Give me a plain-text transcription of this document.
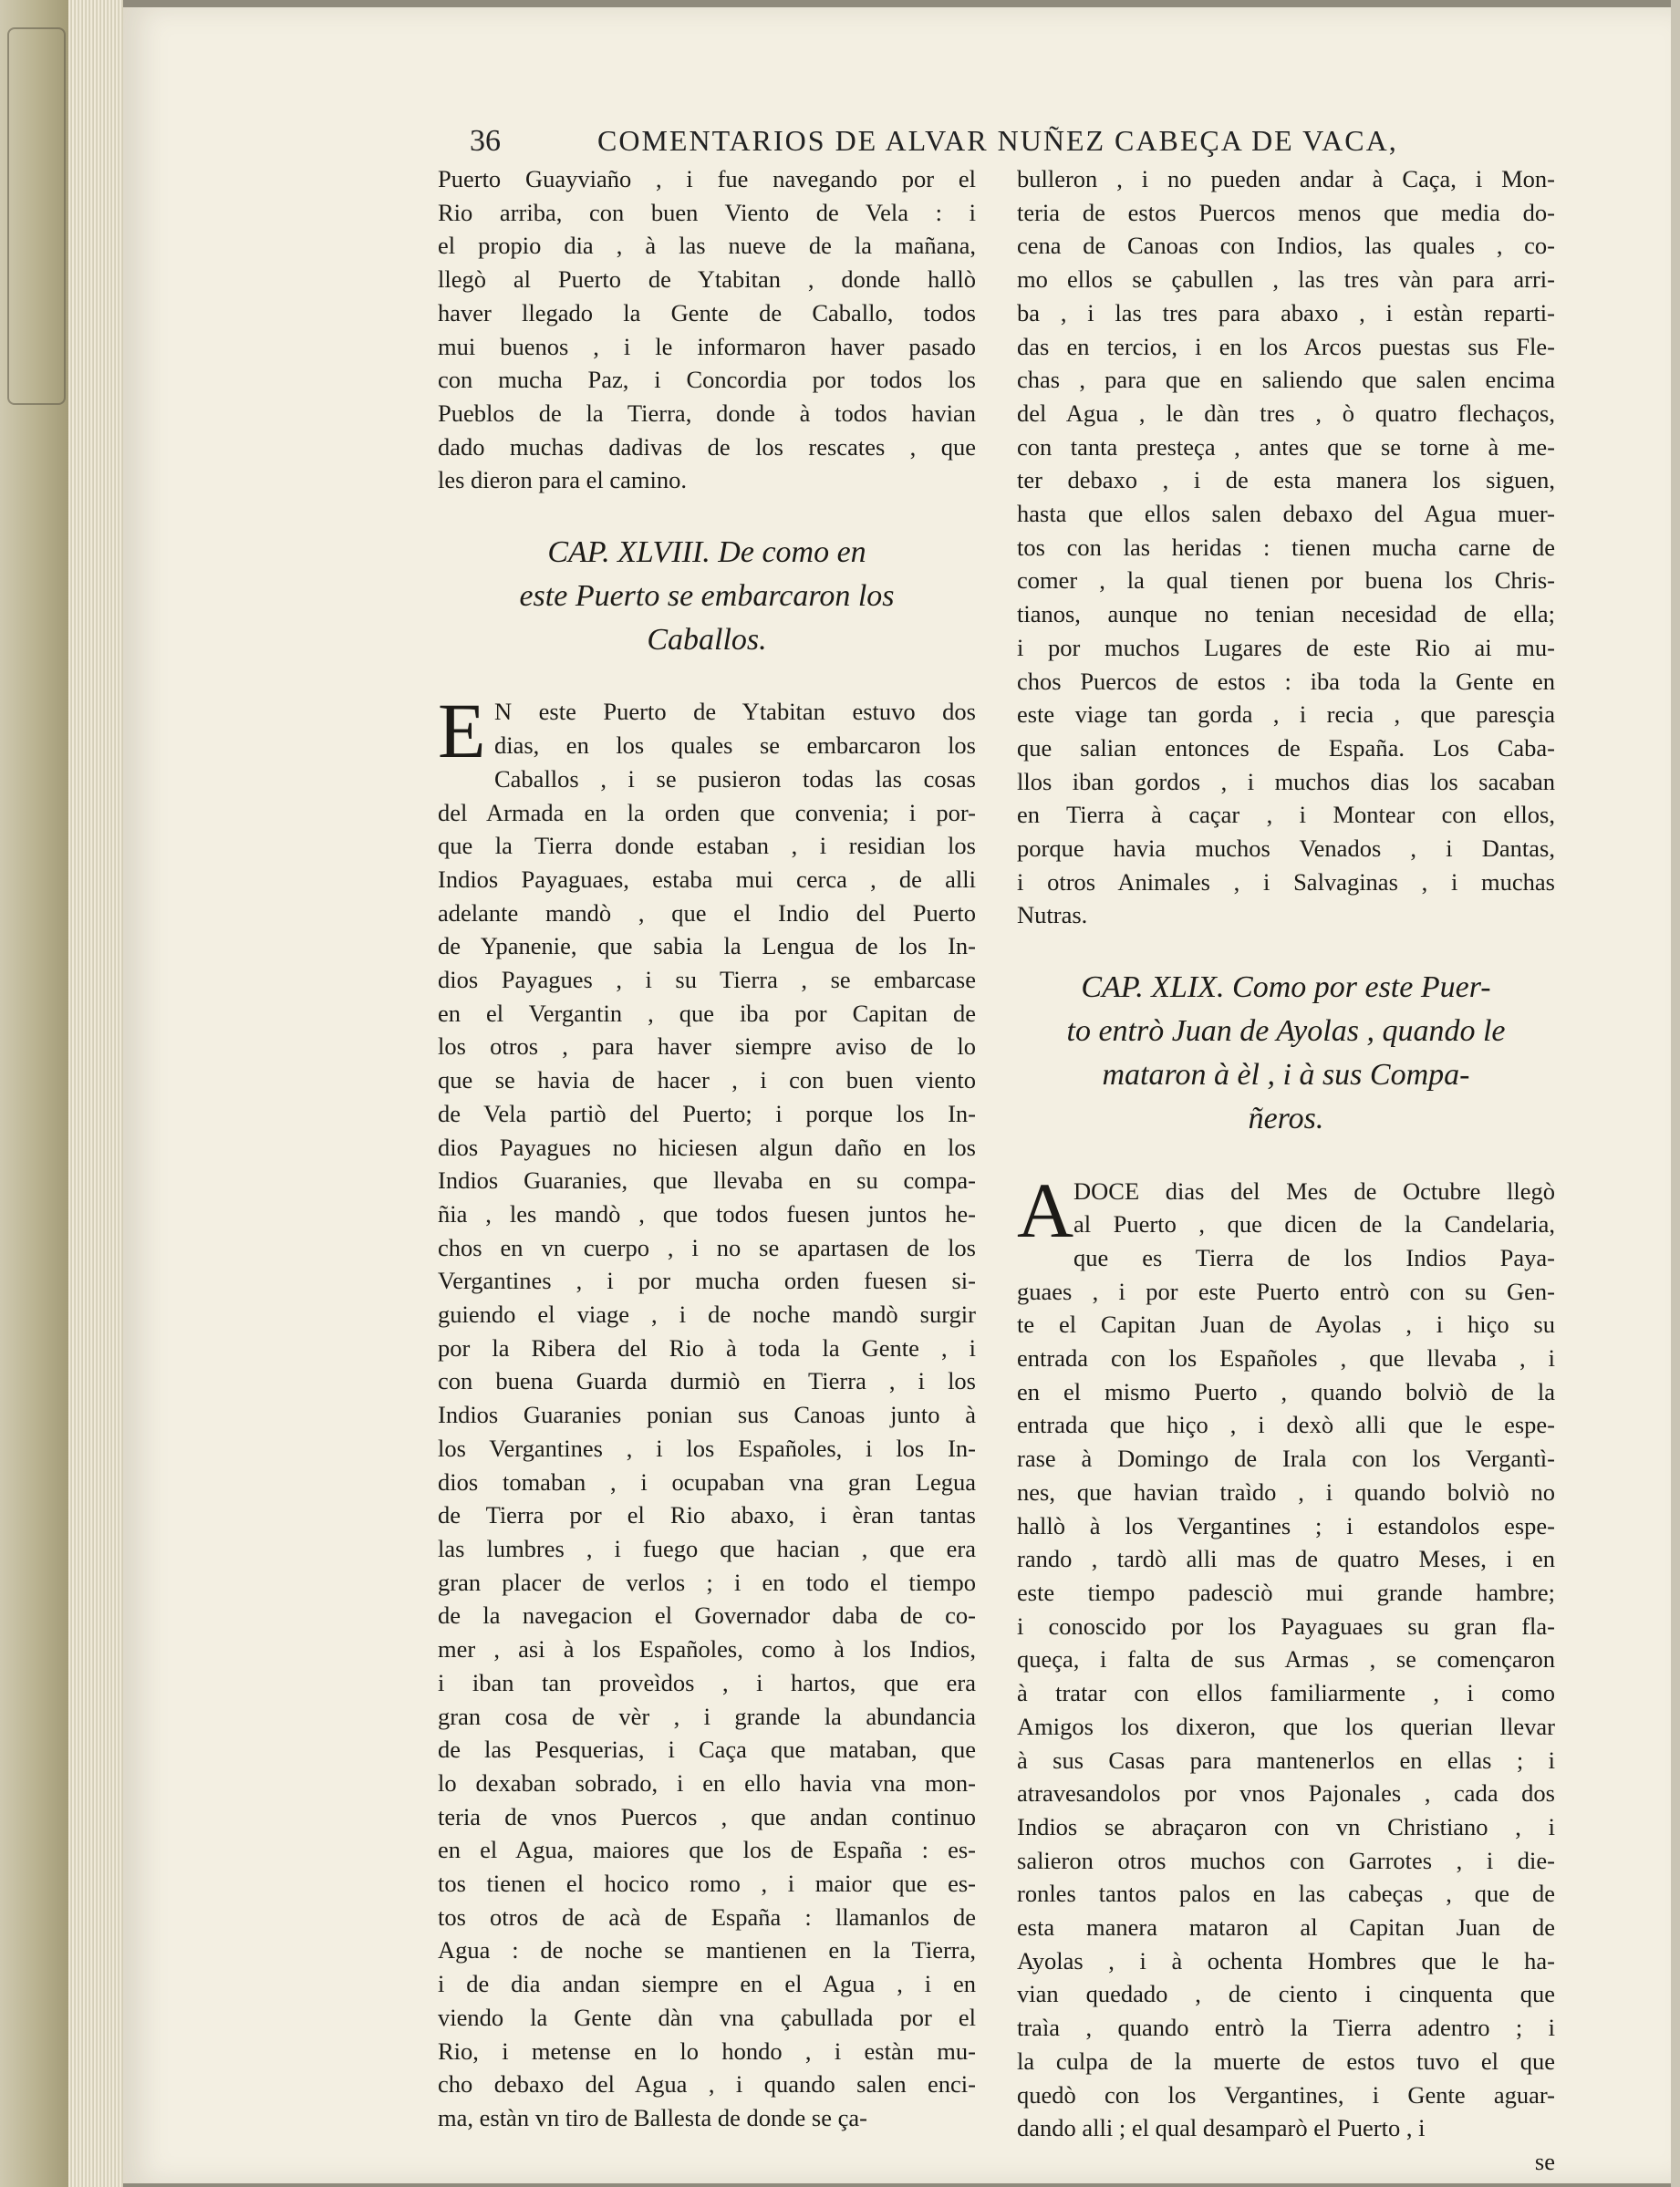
36	COMENTARIOS DE ALVAR NUÑEZ CABEÇA DE VACA,
Puerto Guayviaño , i fue navegando por el
Rio arriba, con buen Viento de Vela : i
el propio dia , à las nueve de la mañana,
llegò al Puerto de Ytabitan , donde hallò
haver llegado la Gente de Caballo, todos
mui buenos , i le informaron haver pasado
con mucha Paz, i Concordia por todos los
Pueblos de la Tierra, donde à todos havian
dado muchas dadivas de los rescates , que
les dieron para el camino.
CAP. XLVIII. De como en
este Puerto se embarcaron los
Caballos.
E N este Puerto de Ytabitan estuvo dos
dias, en los quales se embarcaron los
Caballos , i se pusieron todas las cosas
del Armada en la orden que convenia; i por-
que la Tierra donde estaban , i residian los
Indios Payaguaes, estaba mui cerca , de alli
adelante mandò , que el Indio del Puerto
de Ypanenie, que sabia la Lengua de los In-
dios Payagues , i su Tierra , se embarcase
en el Vergantin , que iba por Capitan de
los otros , para haver siempre aviso de lo
que se havia de hacer , i con buen viento
de Vela partiò del Puerto; i porque los In-
dios Payagues no hiciesen algun daño en los
Indios Guaranies, que llevaba en su compa-
ñia , les mandò , que todos fuesen juntos he-
chos en vn cuerpo , i no se apartasen de los
Vergantines , i por mucha orden fuesen si-
guiendo el viage , i de noche mandò surgir
por la Ribera del Rio à toda la Gente , i
con buena Guarda durmiò en Tierra , i los
Indios Guaranies ponian sus Canoas junto à
los Vergantines , i los Españoles, i los In-
dios tomaban , i ocupaban vna gran Legua
de Tierra por el Rio abaxo, i èran tantas
las lumbres , i fuego que hacian , que era
gran placer de verlos ; i en todo el tiempo
de la navegacion el Governador daba de co-
mer , asi à los Españoles, como à los Indios,
i iban tan proveìdos , i hartos, que era
gran cosa de vèr , i grande la abundancia
de las Pesquerias, i Caça que mataban, que
lo dexaban sobrado, i en ello havia vna mon-
teria de vnos Puercos , que andan continuo
en el Agua, maiores que los de España : es-
tos tienen el hocico romo , i maior que es-
tos otros de acà de España : llamanlos de
Agua : de noche se mantienen en la Tierra,
i de dia andan siempre en el Agua , i en
viendo la Gente dàn vna çabullada por el
Rio, i metense en lo hondo , i estàn mu-
cho debaxo del Agua , i quando salen enci-
ma, estàn vn tiro de Ballesta de donde se ça-
bulleron , i no pueden andar à Caça, i Mon-
teria de estos Puercos menos que media do-
cena de Canoas con Indios, las quales , co-
mo ellos se çabullen , las tres vàn para arri-
ba , i las tres para abaxo , i estàn reparti-
das en tercios, i en los Arcos puestas sus Fle-
chas , para que en saliendo que salen encima
del Agua , le dàn tres , ò quatro flechaços,
con tanta presteça , antes que se torne à me-
ter debaxo , i de esta manera los siguen,
hasta que ellos salen debaxo del Agua muer-
tos con las heridas : tienen mucha carne de
comer , la qual tienen por buena los Chris-
tianos, aunque no tenian necesidad de ella;
i por muchos Lugares de este Rio ai mu-
chos Puercos de estos : iba toda la Gente en
este viage tan gorda , i recia , que paresçia
que salian entonces de España. Los Caba-
llos iban gordos , i muchos dias los sacaban
en Tierra à caçar , i Montear con ellos,
porque havia muchos Venados , i Dantas,
i otros Animales , i Salvaginas , i muchas
Nutras.
CAP. XLIX. Como por este Puer-
to entrò Juan de Ayolas , quando le
mataron à èl , i à sus Compa-
ñeros.
A DOCE dias del Mes de Octubre llegò
al Puerto , que dicen de la Candelaria,
que es Tierra de los Indios Paya-
guaes , i por este Puerto entrò con su Gen-
te el Capitan Juan de Ayolas , i hiço su
entrada con los Españoles , que llevaba , i
en el mismo Puerto , quando bolviò de la
entrada que hiço , i dexò alli que le espe-
rase à Domingo de Irala con los Vergantì-
nes, que havian traìdo , i quando bolviò no
hallò à los Vergantines ; i estandolos espe-
rando , tardò alli mas de quatro Meses, i en
este tiempo padesciò mui grande hambre;
i conoscido por los Payaguaes su gran fla-
queça, i falta de sus Armas , se començaron
à tratar con ellos familiarmente , i como
Amigos los dixeron, que los querian llevar
à sus Casas para mantenerlos en ellas ; i
atravesandolos por vnos Pajonales , cada dos
Indios se abraçaron con vn Christiano , i
salieron otros muchos con Garrotes , i die-
ronles tantos palos en las cabeças , que de
esta manera mataron al Capitan Juan de
Ayolas , i à ochenta Hombres que le ha-
vian quedado , de ciento i cinquenta que
traìa , quando entrò la Tierra adentro ; i
la culpa de la muerte de estos tuvo el que
quedò con los Vergantines, i Gente aguar-
dando alli ; el qual desamparò el Puerto , i
se
